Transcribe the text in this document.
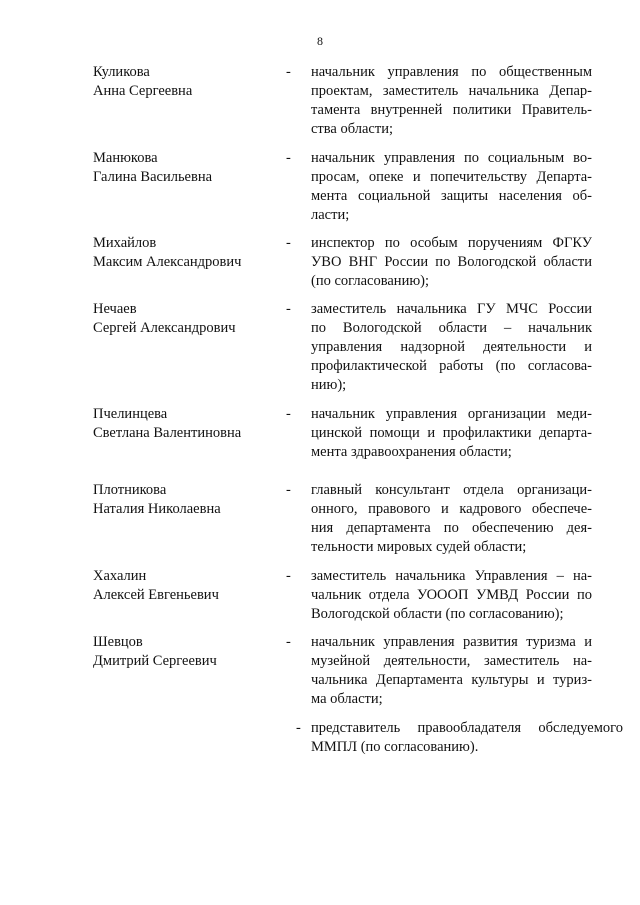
8
Куликова
Анна Сергеевна
- начальник управления по общественным
проектам, заместитель начальника Депар-
тамента внутренней политики Правитель-
ства области;
Манюкова
Галина Васильевна
- начальник управления по социальным во-
просам, опеке и попечительству Департа-
мента социальной защиты населения об-
ласти;
Михайлов
Максим Александрович
- инспектор по особым поручениям ФГКУ
УВО ВНГ России по Вологодской области
(по согласованию);
Нечаев
Сергей Александрович
- заместитель начальника ГУ МЧС России
по Вологодской области – начальник
управления надзорной деятельности и
профилактической работы (по согласова-
нию);
Пчелинцева
Светлана Валентиновна
- начальник управления организации меди-
цинской помощи и профилактики департа-
мента здравоохранения области;
Плотникова
Наталия Николаевна
- главный консультант отдела организаци-
онного, правового и кадрового обеспече-
ния департамента по обеспечению дея-
тельности мировых судей области;
Хахалин
Алексей Евгеньевич
- заместитель начальника Управления – на-
чальник отдела УОООП УМВД России по
Вологодской области (по согласованию);
Шевцов
Дмитрий Сергеевич
- начальник управления развития туризма и
музейной деятельности, заместитель на-
чальника Департамента культуры и туриз-
ма области;
- представитель правообладателя обследуемого
ММПЛ (по согласованию).
